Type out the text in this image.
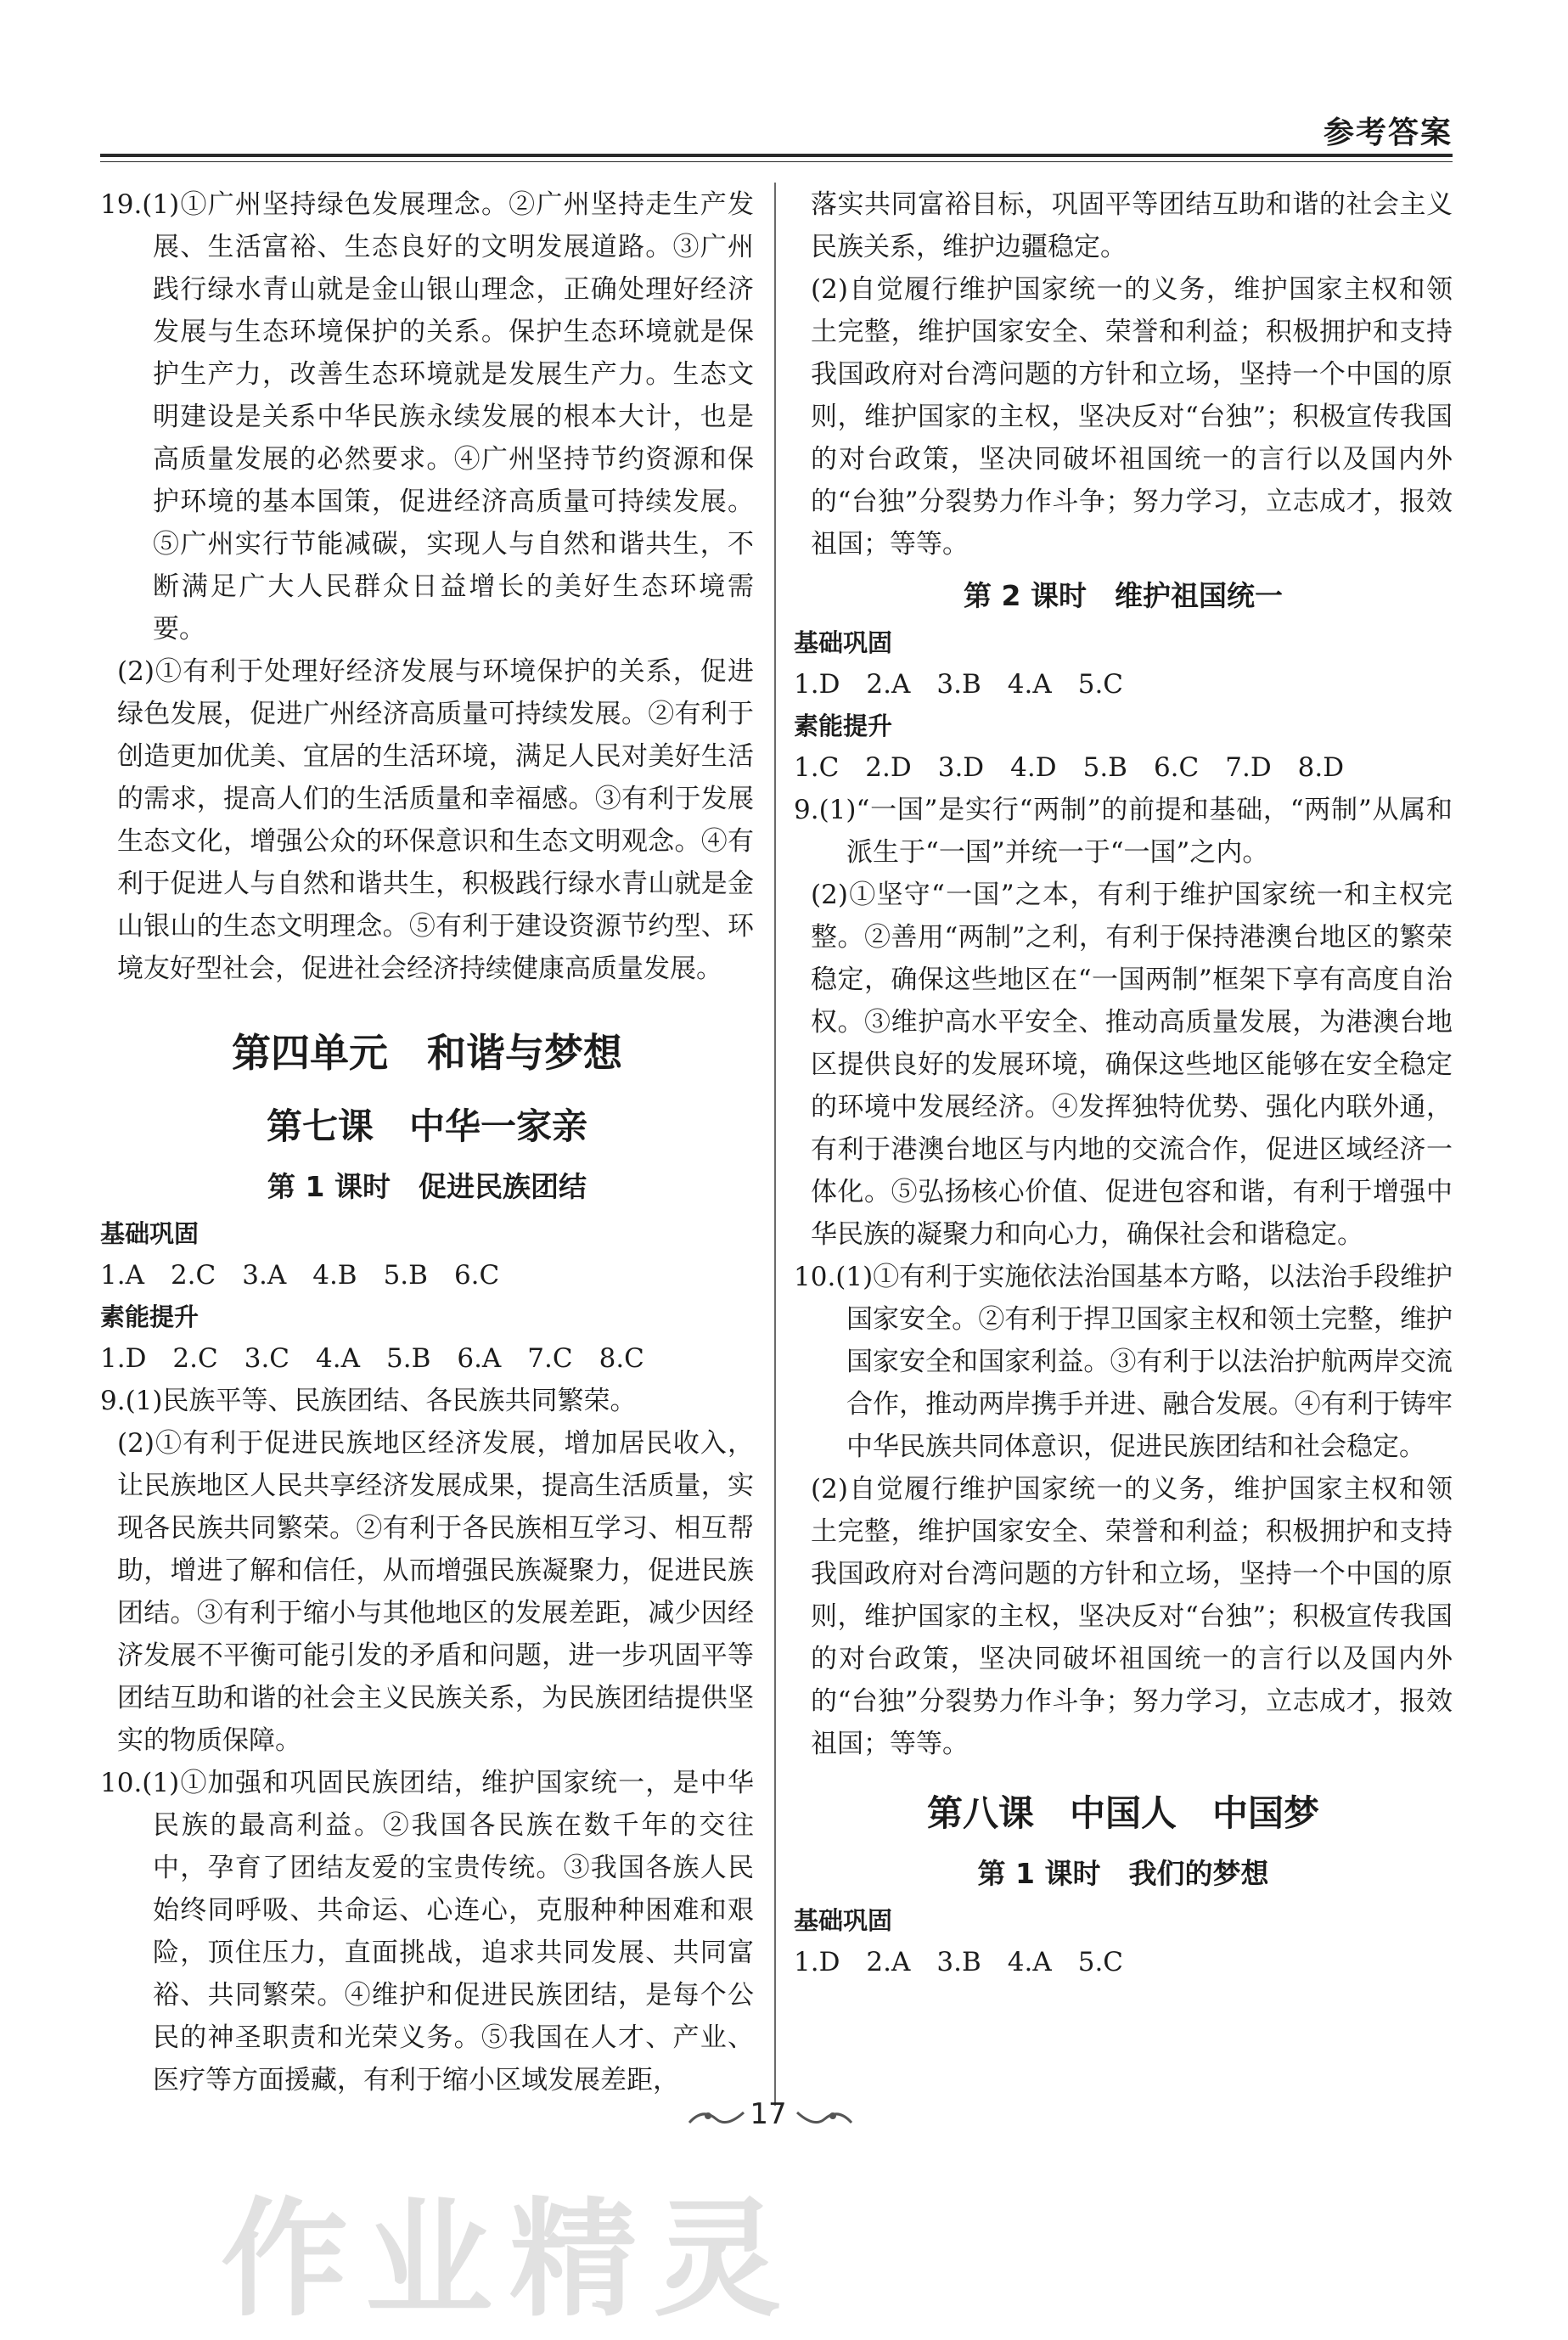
参考答案

19.(1)①广州坚持绿色发展理念。②广州坚持走生产发展、生活富裕、生态良好的文明发展道路。③广州践行绿水青山就是金山银山理念，正确处理好经济发展与生态环境保护的关系。保护生态环境就是保护生产力，改善生态环境就是发展生产力。生态文明建设是关系中华民族永续发展的根本大计，也是高质量发展的必然要求。④广州坚持节约资源和保护环境的基本国策，促进经济高质量可持续发展。⑤广州实行节能减碳，实现人与自然和谐共生，不断满足广大人民群众日益增长的美好生态环境需要。

(2)①有利于处理好经济发展与环境保护的关系，促进绿色发展，促进广州经济高质量可持续发展。②有利于创造更加优美、宜居的生活环境，满足人民对美好生活的需求，提高人们的生活质量和幸福感。③有利于发展生态文化，增强公众的环保意识和生态文明观念。④有利于促进人与自然和谐共生，积极践行绿水青山就是金山银山的生态文明理念。⑤有利于建设资源节约型、环境友好型社会，促进社会经济持续健康高质量发展。

第四单元　和谐与梦想
第七课　中华一家亲
第 1 课时　促进民族团结
基础巩固
1.A　2.C　3.A　4.B　5.B　6.C
素能提升
1.D　2.C　3.C　4.A　5.B　6.A　7.C　8.C

9.(1)民族平等、民族团结、各民族共同繁荣。

(2)①有利于促进民族地区经济发展，增加居民收入，让民族地区人民共享经济发展成果，提高生活质量，实现各民族共同繁荣。②有利于各民族相互学习、相互帮助，增进了解和信任，从而增强民族凝聚力，促进民族团结。③有利于缩小与其他地区的发展差距，减少因经济发展不平衡可能引发的矛盾和问题，进一步巩固平等团结互助和谐的社会主义民族关系，为民族团结提供坚实的物质保障。

10.(1)①加强和巩固民族团结，维护国家统一，是中华民族的最高利益。②我国各民族在数千年的交往中，孕育了团结友爱的宝贵传统。③我国各族人民始终同呼吸、共命运、心连心，克服种种困难和艰险，顶住压力，直面挑战，追求共同发展、共同富裕、共同繁荣。④维护和促进民族团结，是每个公民的神圣职责和光荣义务。⑤我国在人才、产业、医疗等方面援藏，有利于缩小区域发展差距，

落实共同富裕目标，巩固平等团结互助和谐的社会主义民族关系，维护边疆稳定。

(2)自觉履行维护国家统一的义务，维护国家主权和领土完整，维护国家安全、荣誉和利益；积极拥护和支持我国政府对台湾问题的方针和立场，坚持一个中国的原则，维护国家的主权，坚决反对“台独”；积极宣传我国的对台政策，坚决同破坏祖国统一的言行以及国内外的“台独”分裂势力作斗争；努力学习，立志成才，报效祖国；等等。

第 2 课时　维护祖国统一
基础巩固
1.D　2.A　3.B　4.A　5.C
素能提升
1.C　2.D　3.D　4.D　5.B　6.C　7.D　8.D

9.(1)“一国”是实行“两制”的前提和基础，“两制”从属和派生于“一国”并统一于“一国”之内。

(2)①坚守“一国”之本，有利于维护国家统一和主权完整。②善用“两制”之利，有利于保持港澳台地区的繁荣稳定，确保这些地区在“一国两制”框架下享有高度自治权。③维护高水平安全、推动高质量发展，为港澳台地区提供良好的发展环境，确保这些地区能够在安全稳定的环境中发展经济。④发挥独特优势、强化内联外通，有利于港澳台地区与内地的交流合作，促进区域经济一体化。⑤弘扬核心价值、促进包容和谐，有利于增强中华民族的凝聚力和向心力，确保社会和谐稳定。

10.(1)①有利于实施依法治国基本方略，以法治手段维护国家安全。②有利于捍卫国家主权和领土完整，维护国家安全和国家利益。③有利于以法治护航两岸交流合作，推动两岸携手并进、融合发展。④有利于铸牢中华民族共同体意识，促进民族团结和社会稳定。

(2)自觉履行维护国家统一的义务，维护国家主权和领土完整，维护国家安全、荣誉和利益；积极拥护和支持我国政府对台湾问题的方针和立场，坚持一个中国的原则，维护国家的主权，坚决反对“台独”；积极宣传我国的对台政策，坚决同破坏祖国统一的言行以及国内外的“台独”分裂势力作斗争；努力学习，立志成才，报效祖国；等等。

第八课　中国人　中国梦
第 1 课时　我们的梦想
基础巩固
1.D　2.A　3.B　4.A　5.C
17
作业精灵
